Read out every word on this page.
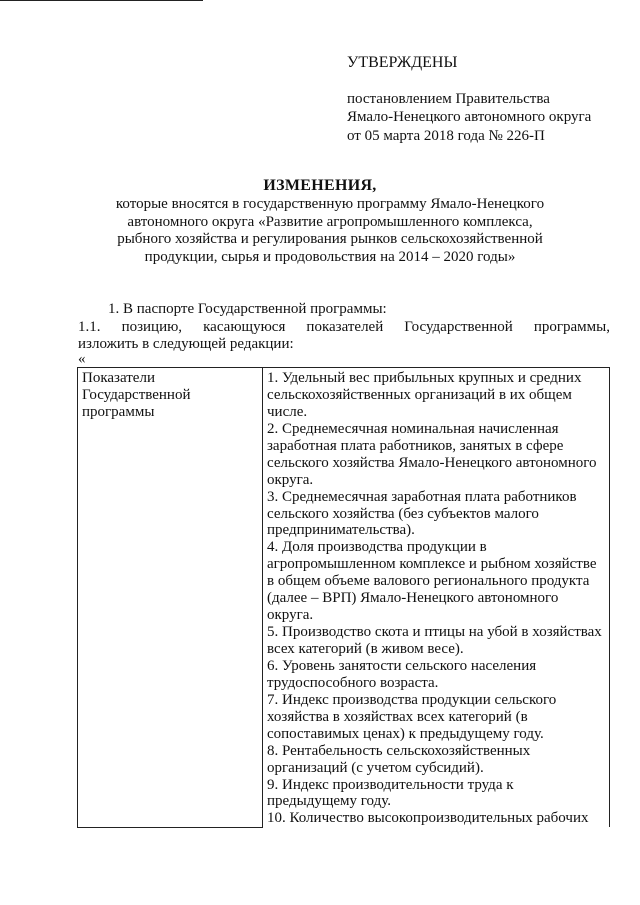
УТВЕРЖДЕНЫ
постановлением Правительства
Ямало-Ненецкого автономного округа
от 05 марта 2018 года № 226-П
ИЗМЕНЕНИЯ,
которые вносятся в государственную программу Ямало-Ненецкого
автономного округа «Развитие агропромышленного комплекса,
рыбного хозяйства и регулирования рынков сельскохозяйственной
продукции, сырья и продовольствия на 2014 – 2020 годы»
1. В паспорте Государственной программы:
1.1. позицию, касающуюся показателей Государственной программы,
изложить в следующей редакции:
«
Показатели
Государственной
программы

1. Удельный вес прибыльных крупных и средних
сельскохозяйственных организаций в их общем
числе.
2. Среднемесячная номинальная начисленная
заработная плата работников, занятых в сфере
сельского хозяйства Ямало-Ненецкого автономного
округа.
3. Среднемесячная заработная плата работников
сельского хозяйства (без субъектов малого
предпринимательства).
4. Доля производства продукции в
агропромышленном комплексе и рыбном хозяйстве
в общем объеме валового регионального продукта
(далее – ВРП) Ямало-Ненецкого автономного
округа.
5. Производство скота и птицы на убой в хозяйствах
всех категорий (в живом весе).
6. Уровень занятости сельского населения
трудоспособного возраста.
7. Индекс производства продукции сельского
хозяйства в хозяйствах всех категорий (в
сопоставимых ценах) к предыдущему году.
8. Рентабельность сельскохозяйственных
организаций (с учетом субсидий).
9. Индекс производительности труда к
предыдущему году.
10. Количество высокопроизводительных рабочих
